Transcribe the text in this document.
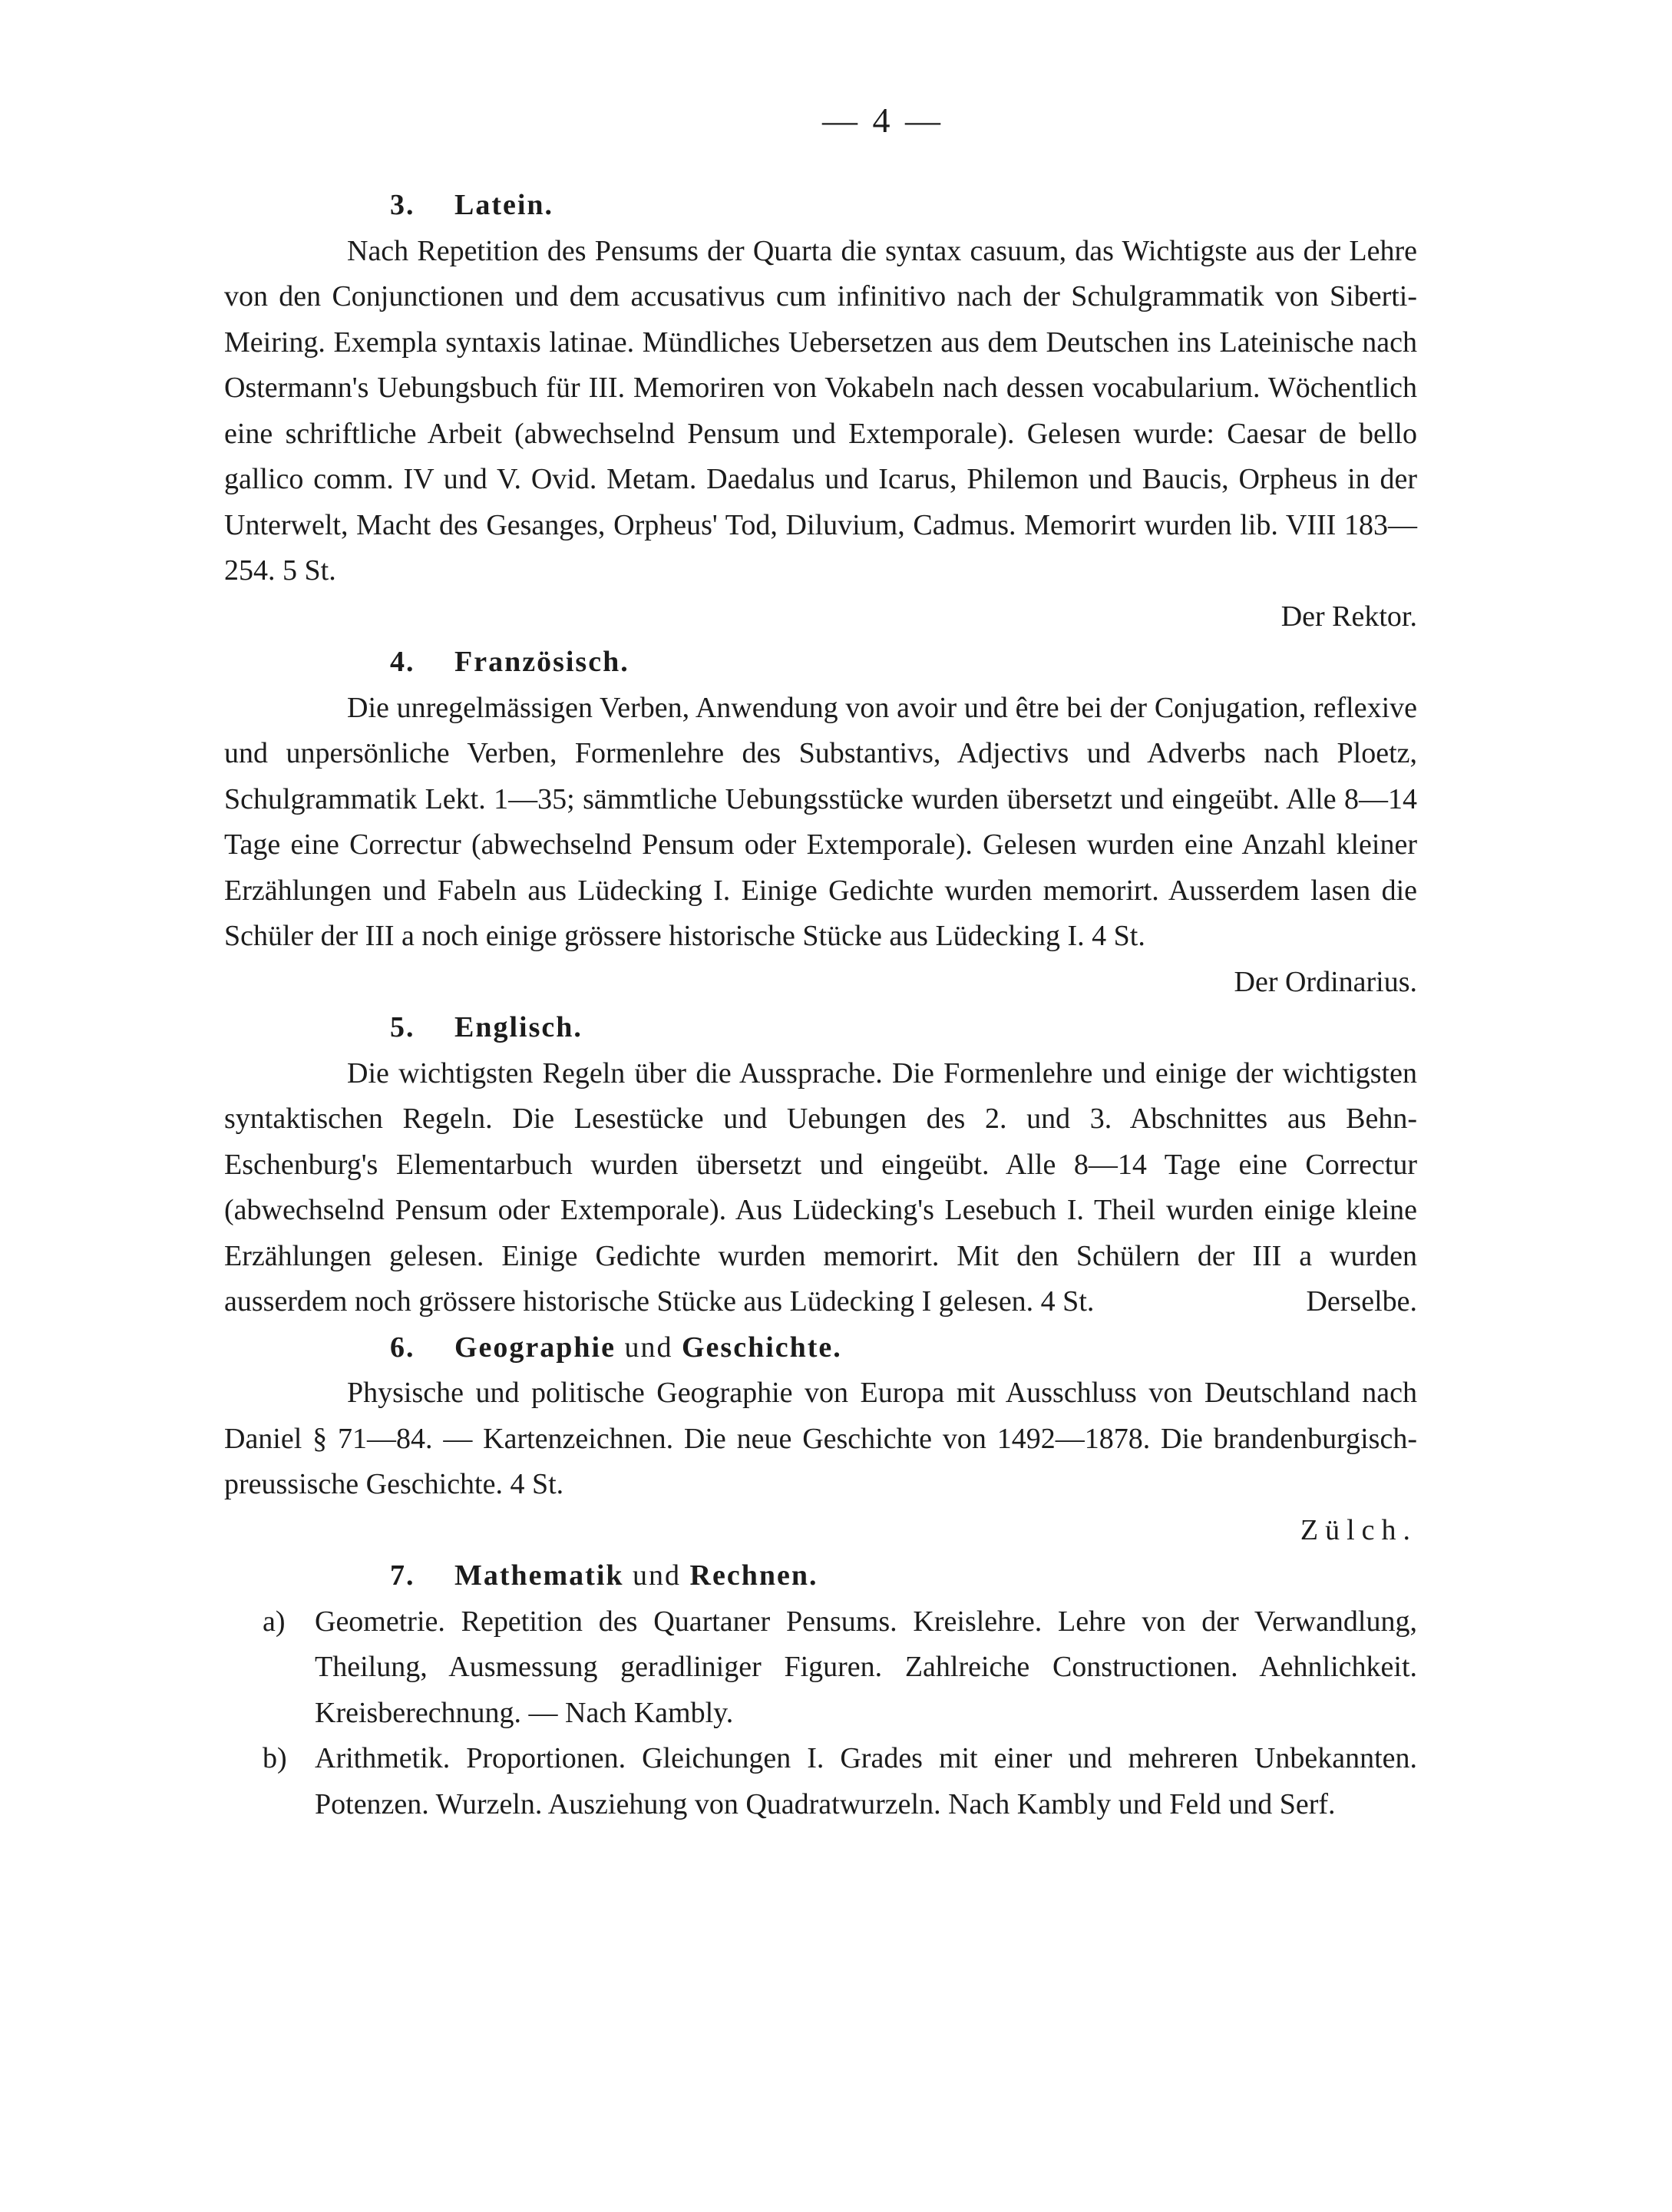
— 4 —
3. Latein.
Nach Repetition des Pensums der Quarta die syntax casuum, das Wichtigste aus der Lehre von den Conjunctionen und dem accusativus cum infinitivo nach der Schulgrammatik von Siberti-Meiring. Exempla syntaxis latinae. Mündliches Uebersetzen aus dem Deutschen ins Lateinische nach Ostermann's Uebungsbuch für III. Memoriren von Vokabeln nach dessen vocabularium. Wöchentlich eine schriftliche Arbeit (abwechselnd Pensum und Extemporale). Gelesen wurde: Caesar de bello gallico comm. IV und V. Ovid. Metam. Daedalus und Icarus, Philemon und Baucis, Orpheus in der Unterwelt, Macht des Gesanges, Orpheus' Tod, Diluvium, Cadmus. Memorirt wurden lib. VIII 183—254. 5 St.
Der Rektor.
4. Französisch.
Die unregelmässigen Verben, Anwendung von avoir und être bei der Conjugation, reflexive und unpersönliche Verben, Formenlehre des Substantivs, Adjectivs und Adverbs nach Ploetz, Schulgrammatik Lekt. 1—35; sämmtliche Uebungsstücke wurden übersetzt und eingeübt. Alle 8—14 Tage eine Correctur (abwechselnd Pensum oder Extemporale). Gelesen wurden eine Anzahl kleiner Erzählungen und Fabeln aus Lüdecking I. Einige Gedichte wurden memorirt. Ausserdem lasen die Schüler der III a noch einige grössere historische Stücke aus Lüdecking I. 4 St.
Der Ordinarius.
5. Englisch.
Die wichtigsten Regeln über die Aussprache. Die Formenlehre und einige der wichtigsten syntaktischen Regeln. Die Lesestücke und Uebungen des 2. und 3. Abschnittes aus Behn-Eschenburg's Elementarbuch wurden übersetzt und eingeübt. Alle 8—14 Tage eine Correctur (abwechselnd Pensum oder Extemporale). Aus Lüdecking's Lesebuch I. Theil wurden einige kleine Erzählungen gelesen. Einige Gedichte wurden memorirt. Mit den Schülern der III a wurden ausserdem noch grössere historische Stücke aus Lüdecking I gelesen. 4 St.	Derselbe.
6. Geographie und Geschichte.
Physische und politische Geographie von Europa mit Ausschluss von Deutschland nach Daniel § 71—84. — Kartenzeichnen. Die neue Geschichte von 1492—1878. Die brandenburgisch-preussische Geschichte. 4 St.
Zülch.
7. Mathematik und Rechnen.
a) Geometrie. Repetition des Quartaner Pensums. Kreislehre. Lehre von der Verwandlung, Theilung, Ausmessung geradliniger Figuren. Zahlreiche Constructionen. Aehnlichkeit. Kreisberechnung. — Nach Kambly.
b) Arithmetik. Proportionen. Gleichungen I. Grades mit einer und mehreren Unbekannten. Potenzen. Wurzeln. Ausziehung von Quadratwurzeln. Nach Kambly und Feld und Serf.
